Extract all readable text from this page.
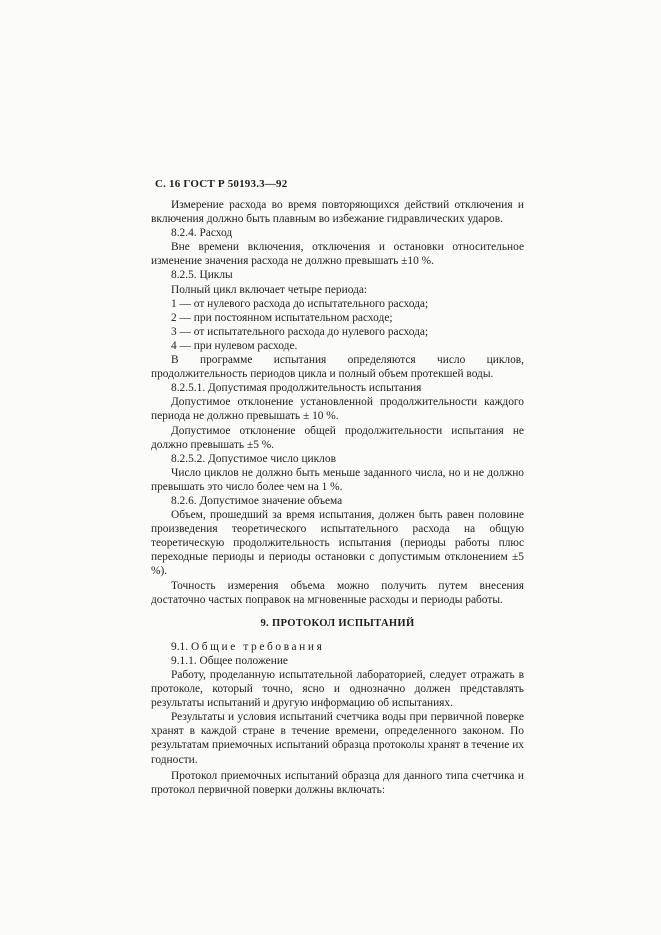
С. 16 ГОСТ Р 50193.3—92

Измерение расхода во время повторяющихся действий отключения и включения должно быть плавным во избежание гидравлических ударов.

8.2.4. Расход

Вне времени включения, отключения и остановки относительное изменение значения расхода не должно превышать ±10 %.

8.2.5. Циклы

Полный цикл включает четыре периода:

1 — от нулевого расхода до испытательного расхода;

2 — при постоянном испытательном расходе;

3 — от испытательного расхода до нулевого расхода;

4 — при нулевом расходе.

В программе испытания определяются число циклов, продолжительность периодов цикла и полный объем протекшей воды.

8.2.5.1. Допустимая продолжительность испытания

Допустимое отклонение установленной продолжительности каждого периода не должно превышать ± 10 %.

Допустимое отклонение общей продолжительности испытания не должно превышать ±5 %.

8.2.5.2. Допустимое число циклов

Число циклов не должно быть меньше заданного числа, но и не должно превышать это число более чем на 1 %.

8.2.6. Допустимое значение объема

Объем, прошедший за время испытания, должен быть равен половине произведения теоретического испытательного расхода на общую теоретическую продолжительность испытания (периоды работы плюс переходные периоды и периоды остановки с допустимым отклонением ±5 %).

Точность измерения объема можно получить путем внесения достаточно частых поправок на мгновенные расходы и периоды работы.

9. ПРОТОКОЛ ИСПЫТАНИЙ

9.1. Общие требования

9.1.1. Общее положение

Работу, проделанную испытательной лабораторией, следует отражать в протоколе, который точно, ясно и однозначно должен представлять результаты испытаний и другую информацию об испытаниях.

Результаты и условия испытаний счетчика воды при первичной поверке хранят в каждой стране в течение времени, определенного законом. По результатам приемочных испытаний образца протоколы хранят в течение их годности.

Протокол приемочных испытаний образца для данного типа счетчика и протокол первичной поверки должны включать:
